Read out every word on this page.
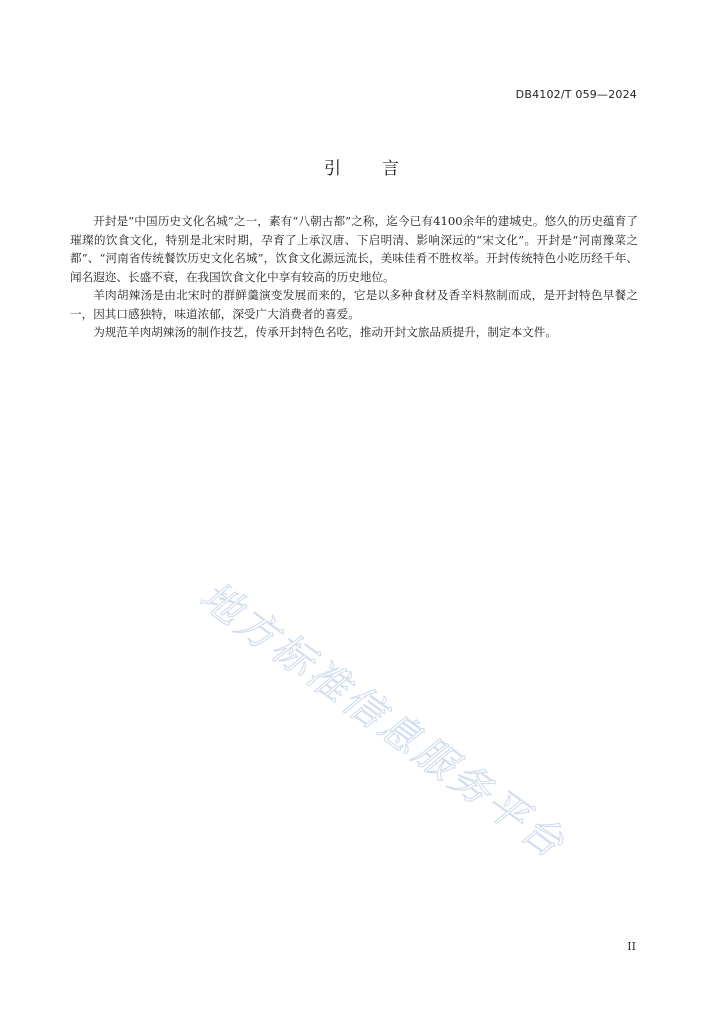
DB4102/T 059—2024
引 言

开封是“中国历史文化名城”之一，素有“八朝古都”之称，迄今已有4100余年的建城史。悠久的历史蕴育了璀璨的饮食文化，特别是北宋时期，孕育了上承汉唐、下启明清、影响深远的“宋文化”。开封是“河南豫菜之都”、“河南省传统餐饮历史文化名城”，饮食文化源远流长，美味佳肴不胜枚举。开封传统特色小吃历经千年、闻名遐迩、长盛不衰，在我国饮食文化中享有较高的历史地位。

羊肉胡辣汤是由北宋时的群鲜羹演变发展而来的，它是以多种食材及香辛料熬制而成，是开封特色早餐之一，因其口感独特，味道浓郁，深受广大消费者的喜爱。

为规范羊肉胡辣汤的制作技艺，传承开封特色名吃，推动开封文旅品质提升，制定本文件。

地方标准信息服务平台
II
